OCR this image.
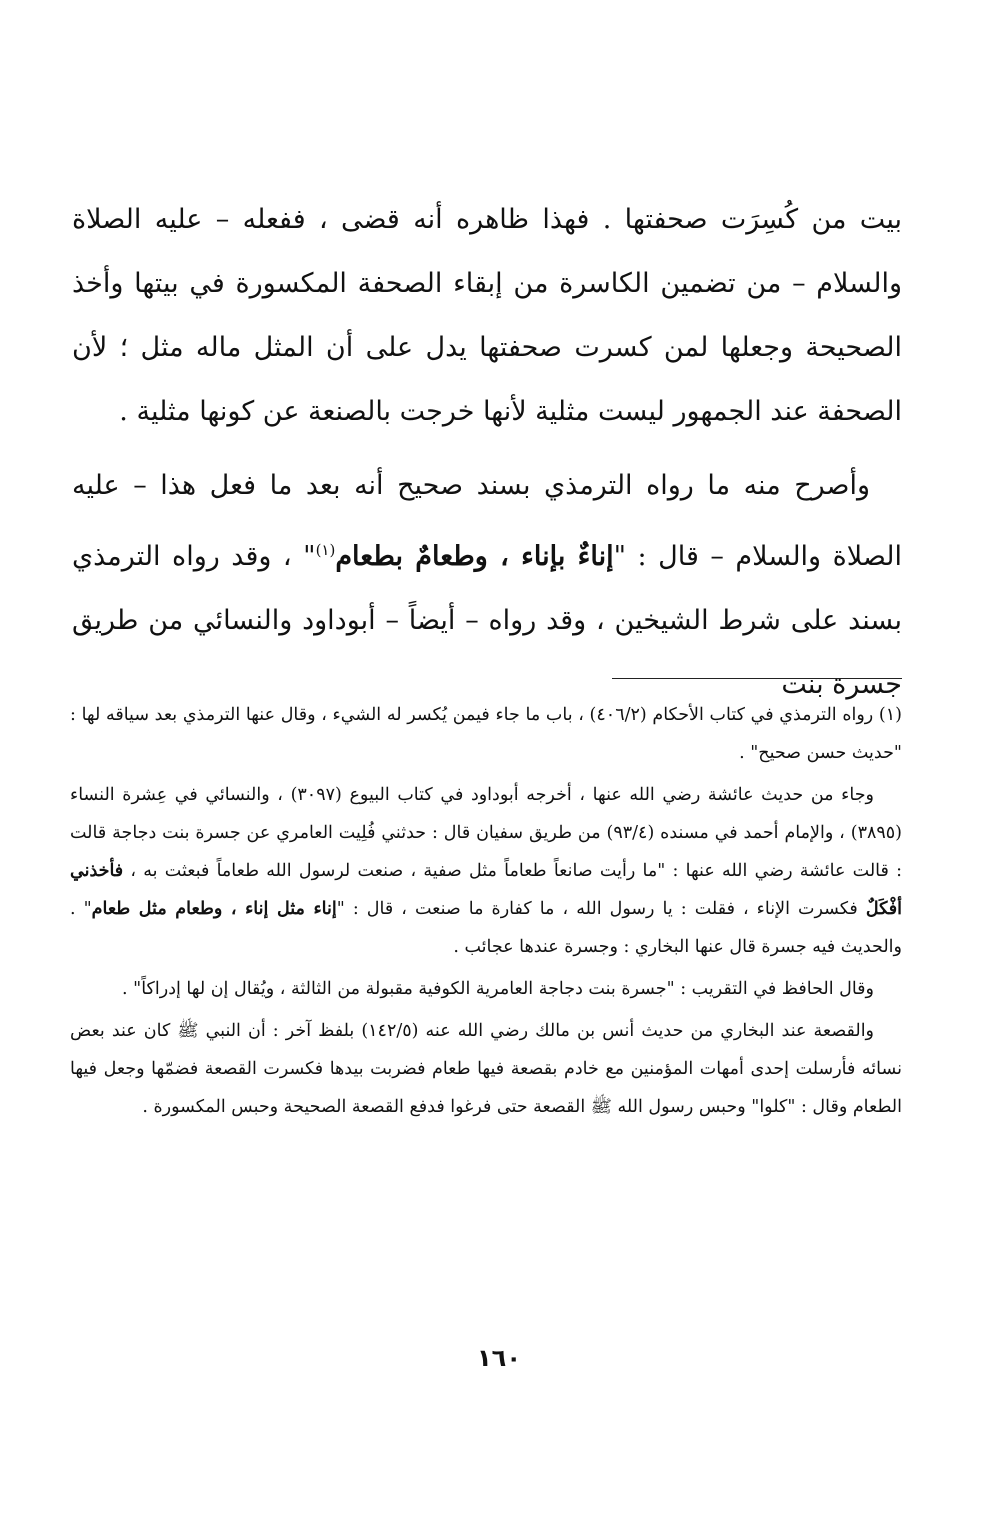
بيت من كُسِرَت صحفتها . فهذا ظاهره أنه قضى ، ففعله – عليه الصلاة والسلام – من تضمين الكاسرة من إبقاء الصحفة المكسورة في بيتها وأخذ الصحيحة وجعلها لمن كسرت صحفتها يدل على أن المثل ماله مثل ؛ لأن الصحفة عند الجمهور ليست مثلية لأنها خرجت بالصنعة عن كونها مثلية .

وأصرح منه ما رواه الترمذي بسند صحيح أنه بعد ما فعل هذا – عليه الصلاة والسلام – قال : "إناءٌ بإناء ، وطعامٌ بطعام$^{(١)}$" ، وقد رواه الترمذي بسند على شرط الشيخين ، وقد رواه – أيضاً – أبوداود والنسائي من طريق جسرة بنت

(١) رواه الترمذي في كتاب الأحكام (٤٠٦/٢) ، باب ما جاء فيمن يُكسر له الشيء ، وقال عنها الترمذي بعد سياقه لها : "حديث حسن صحيح" .

وجاء من حديث عائشة رضي الله عنها ، أخرجه أبوداود في كتاب البيوع (٣٠٩٧) ، والنسائي في عِشرة النساء (٣٨٩٥) ، والإمام أحمد في مسنده (٩٣/٤) من طريق سفيان قال : حدثني فُلِيت العامري عن جسرة بنت دجاجة قالت : قالت عائشة رضي الله عنها : "ما رأيت صانعاً طعاماً مثل صفية ، صنعت لرسول الله طعاماً فبعثت به ، فأخذني أفْكَلٌ فكسرت الإناء ، فقلت : يا رسول الله ، ما كفارة ما صنعت ، قال : "إناء مثل إناء ، وطعام مثل طعام" . والحديث فيه جسرة قال عنها البخاري : وجسرة عندها عجائب .

وقال الحافظ في التقريب : "جسرة بنت دجاجة العامرية الكوفية مقبولة من الثالثة ، ويُقال إن لها إدراكاً" .

والقصعة عند البخاري من حديث أنس بن مالك رضي الله عنه (١٤٢/٥) بلفظ آخر : أن النبي ﷺ كان عند بعض نسائه فأرسلت إحدى أمهات المؤمنين مع خادم بقصعة فيها طعام فضربت بيدها فكسرت القصعة فضمّها وجعل فيها الطعام وقال : "كلوا" وحبس رسول الله ﷺ القصعة حتى فرغوا فدفع القصعة الصحيحة وحبس المكسورة .

١٦٠
